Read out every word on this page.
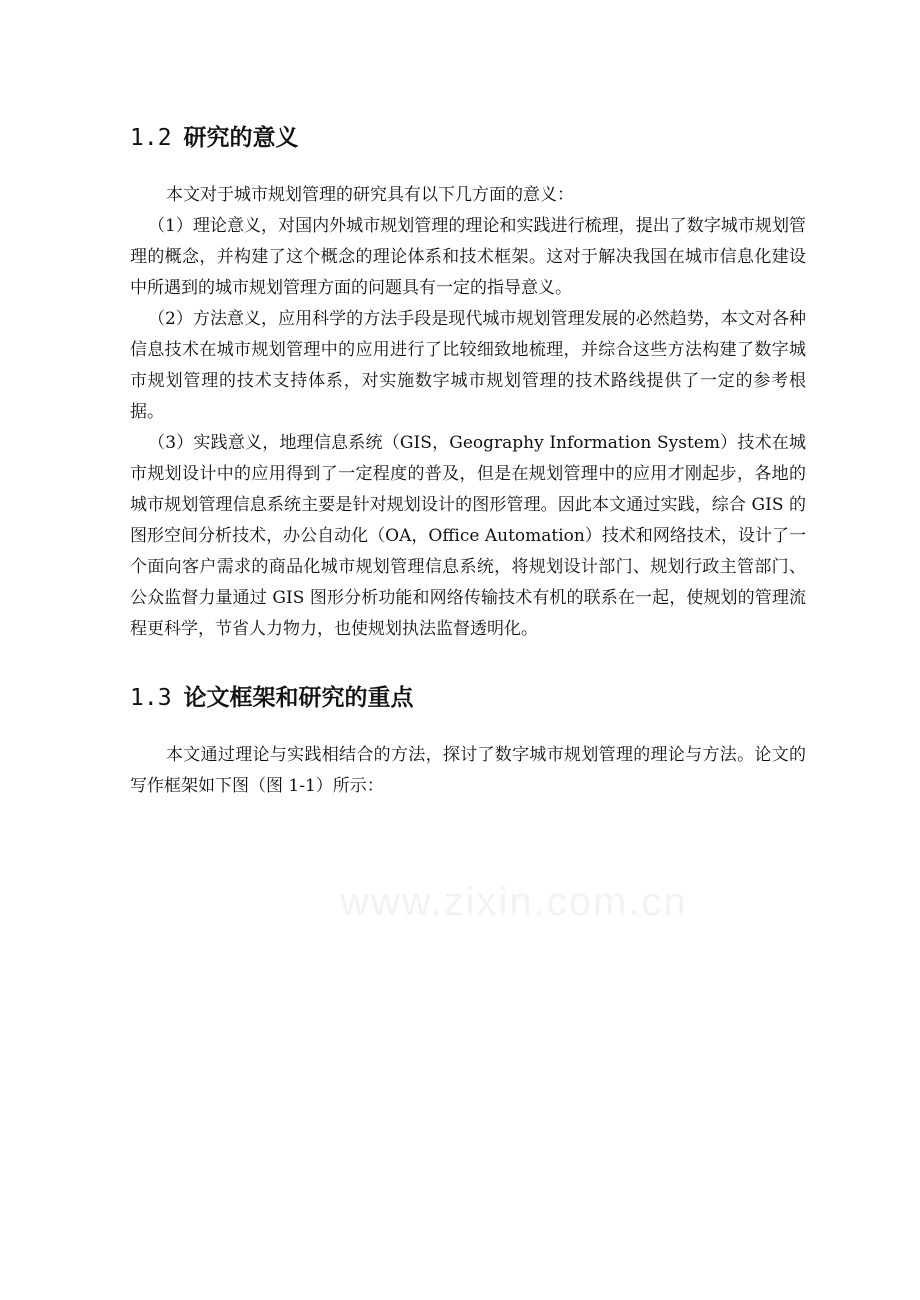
1.2 研究的意义

本文对于城市规划管理的研究具有以下几方面的意义：

（1）理论意义，对国内外城市规划管理的理论和实践进行梳理，提出了数字城市规划管理的概念，并构建了这个概念的理论体系和技术框架。这对于解决我国在城市信息化建设中所遇到的城市规划管理方面的问题具有一定的指导意义。

（2）方法意义，应用科学的方法手段是现代城市规划管理发展的必然趋势，本文对各种信息技术在城市规划管理中的应用进行了比较细致地梳理，并综合这些方法构建了数字城市规划管理的技术支持体系，对实施数字城市规划管理的技术路线提供了一定的参考根据。

（3）实践意义，地理信息系统（GIS，Geography Information System）技术在城市规划设计中的应用得到了一定程度的普及，但是在规划管理中的应用才刚起步，各地的城市规划管理信息系统主要是针对规划设计的图形管理。因此本文通过实践，综合 GIS 的图形空间分析技术，办公自动化（OA，Office Automation）技术和网络技术，设计了一个面向客户需求的商品化城市规划管理信息系统，将规划设计部门、规划行政主管部门、公众监督力量通过 GIS 图形分析功能和网络传输技术有机的联系在一起，使规划的管理流程更科学，节省人力物力，也使规划执法监督透明化。

1.3 论文框架和研究的重点

本文通过理论与实践相结合的方法，探讨了数字城市规划管理的理论与方法。论文的写作框架如下图（图 1-1）所示：

www.zixin.com.cn
